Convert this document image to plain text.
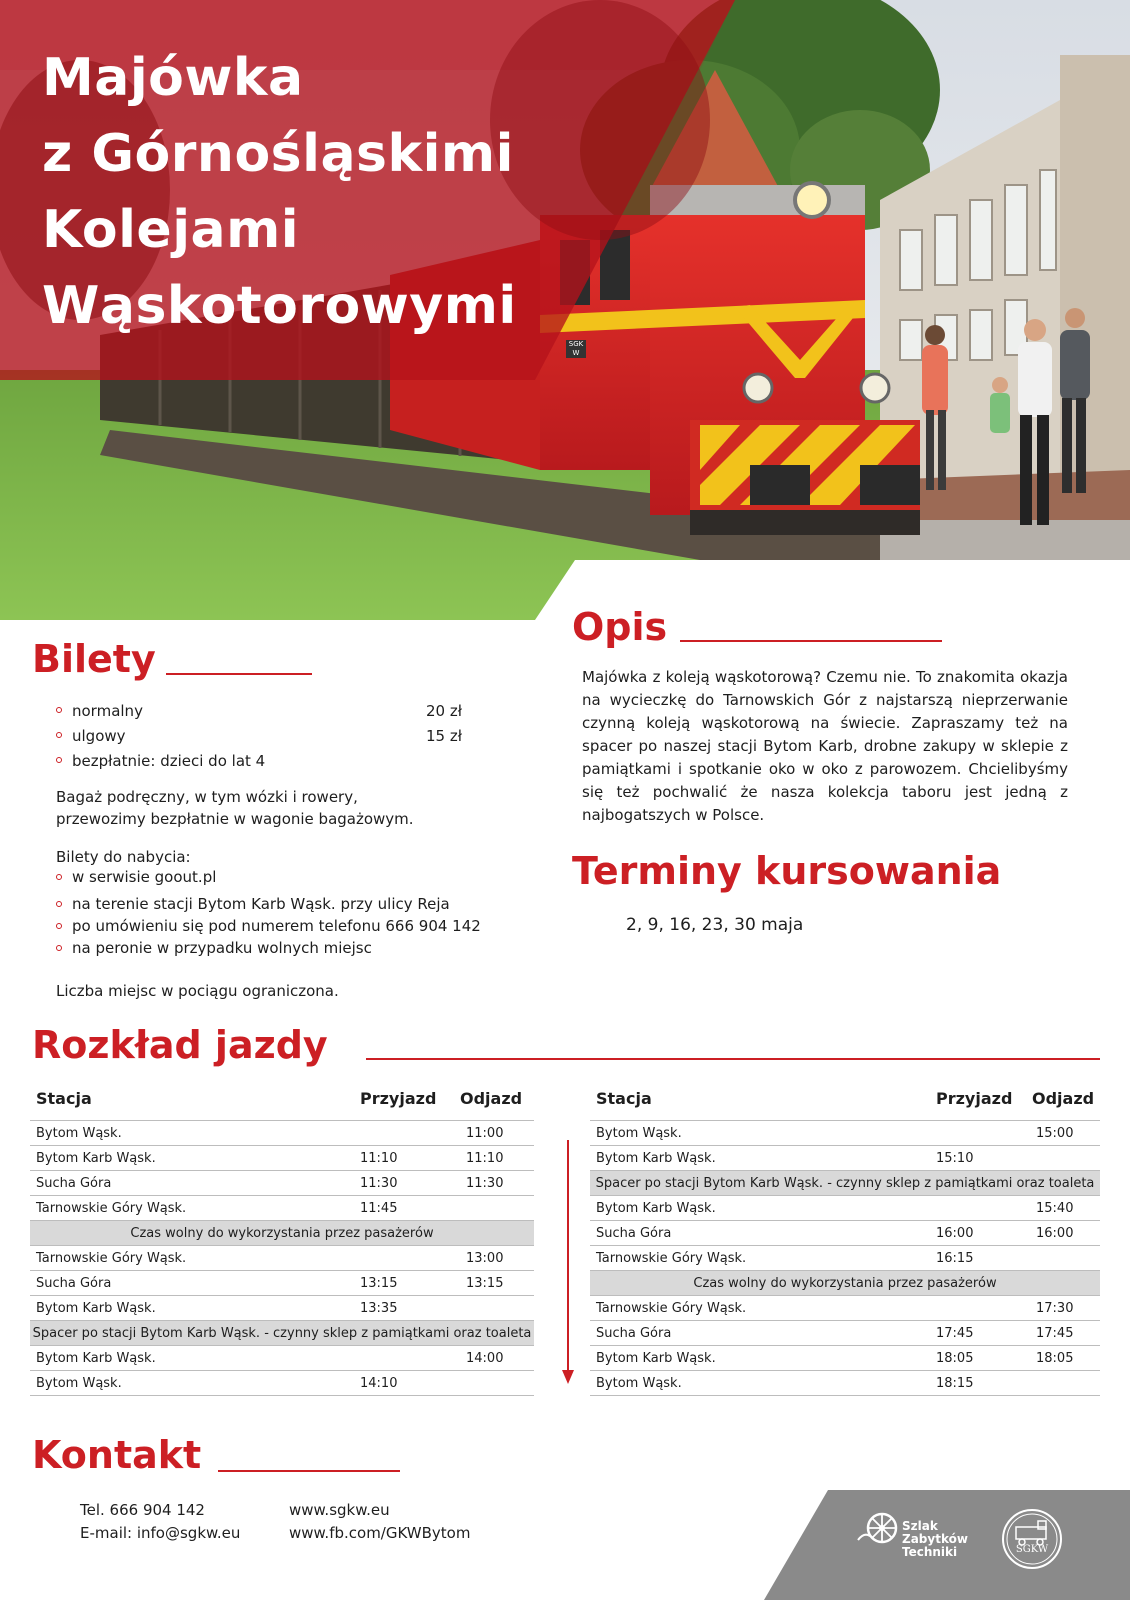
Majówka
z Górnośląskimi
Kolejami
Wąskotorowymi
SGKW
Bilety
normalny	20 zł
ulgowy	15 zł
bezpłatnie: dzieci do lat 4
Bagaż podręczny, w tym wózki i rowery,
przewozimy bezpłatnie w wagonie bagażowym.
Bilety do nabycia:
w serwisie goout.pl
na terenie stacji Bytom Karb Wąsk. przy ulicy Reja
po umówieniu się pod numerem telefonu 666 904 142
na peronie w przypadku wolnych miejsc
Liczba miejsc w pociągu ograniczona.
Opis
Majówka z koleją wąskotorową? Czemu nie. To znakomita okazja na wycieczkę do Tarnowskich Gór z najstarszą nieprzerwanie czynną koleją wąskotorową na świecie. Zapraszamy też na spacer po naszej stacji Bytom Karb, drobne zakupy w sklepie z pamiątkami i spotkanie oko w oko z parowozem. Chcielibyśmy się też pochwalić że nasza kolekcja taboru jest jedną z najbogatszych w Polsce.
Terminy kursowania
2, 9, 16, 23, 30 maja
Rozkład jazdy
Stacja	Przyjazd	Odjazd
Bytom Wąsk.		11:00
Bytom Karb Wąsk.	11:10	11:10
Sucha Góra	11:30	11:30
Tarnowskie Góry Wąsk.	11:45	
Czas wolny do wykorzystania przez pasażerów		
Tarnowskie Góry Wąsk.		13:00
Sucha Góra	13:15	13:15
Bytom Karb Wąsk.	13:35	
Spacer po stacji Bytom Karb Wąsk. - czynny sklep z pamiątkami oraz toaleta		
Bytom Karb Wąsk.		14:00
Bytom Wąsk.	14:10	
Stacja	Przyjazd	Odjazd
Bytom Wąsk.		15:00
Bytom Karb Wąsk.	15:10	
Spacer po stacji Bytom Karb Wąsk. - czynny sklep z pamiątkami oraz toaleta		
Bytom Karb Wąsk.		15:40
Sucha Góra	16:00	16:00
Tarnowskie Góry Wąsk.	16:15	
Czas wolny do wykorzystania przez pasażerów		
Tarnowskie Góry Wąsk.		17:30
Sucha Góra	17:45	17:45
Bytom Karb Wąsk.	18:05	18:05
Bytom Wąsk.	18:15	
Kontakt
Tel. 666 904 142
E-mail: info@sgkw.eu
www.sgkw.eu
www.fb.com/GKWBytom	Szlak
Zabytków
Techniki	SGKW
